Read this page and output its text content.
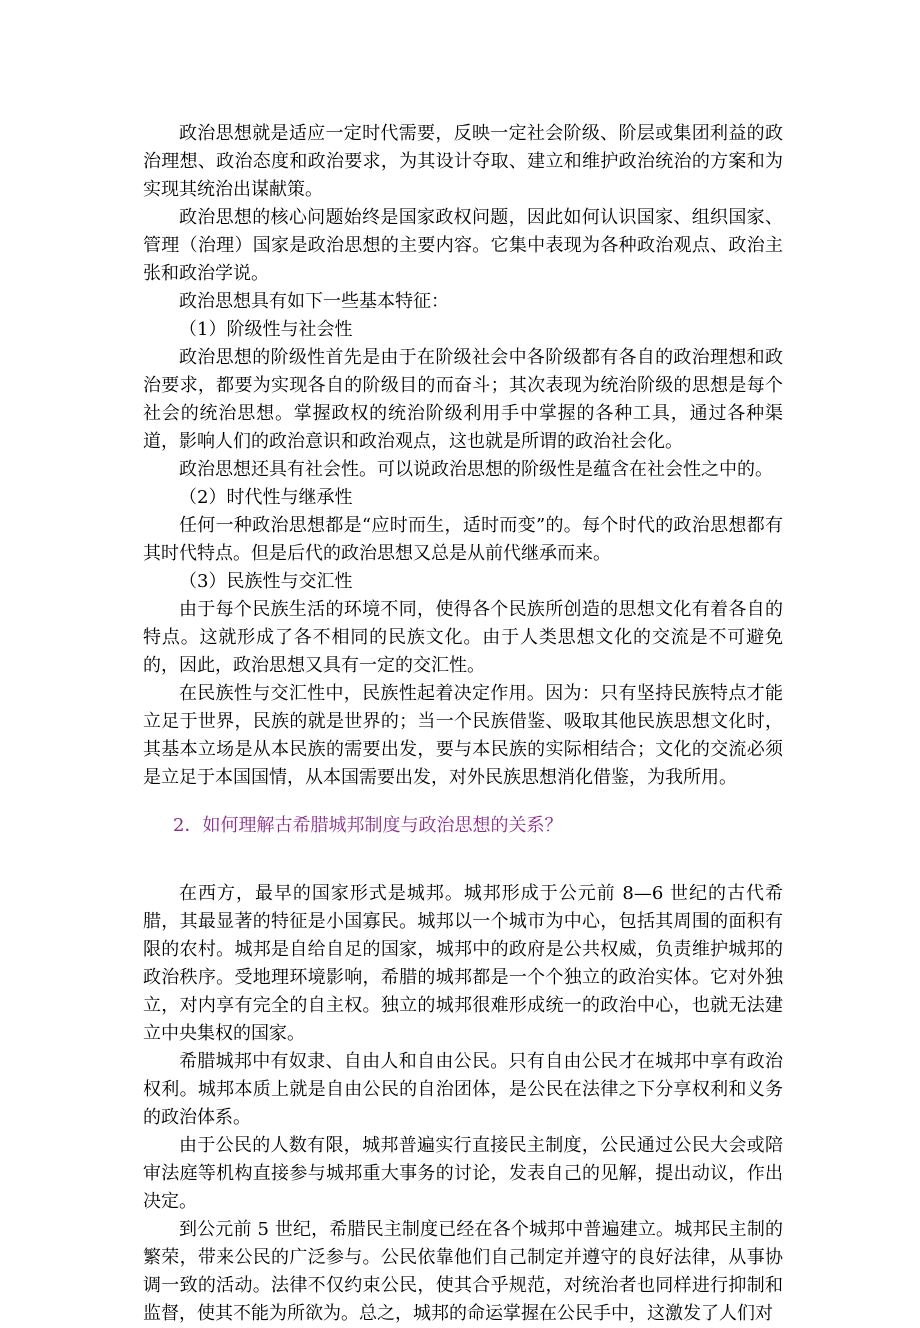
政治思想就是适应一定时代需要，反映一定社会阶级、阶层或集团利益的政治理想、政治态度和政治要求，为其设计夺取、建立和维护政治统治的方案和为实现其统治出谋献策。

政治思想的核心问题始终是国家政权问题，因此如何认识国家、组织国家、管理（治理）国家是政治思想的主要内容。它集中表现为各种政治观点、政治主张和政治学说。

政治思想具有如下一些基本特征：

（1）阶级性与社会性

政治思想的阶级性首先是由于在阶级社会中各阶级都有各自的政治理想和政治要求，都要为实现各自的阶级目的而奋斗；其次表现为统治阶级的思想是每个社会的统治思想。掌握政权的统治阶级利用手中掌握的各种工具，通过各种渠道，影响人们的政治意识和政治观点，这也就是所谓的政治社会化。

政治思想还具有社会性。可以说政治思想的阶级性是蕴含在社会性之中的。

（2）时代性与继承性

任何一种政治思想都是“应时而生，适时而变”的。每个时代的政治思想都有其时代特点。但是后代的政治思想又总是从前代继承而来。

（3）民族性与交汇性

由于每个民族生活的环境不同，使得各个民族所创造的思想文化有着各自的特点。这就形成了各不相同的民族文化。由于人类思想文化的交流是不可避免的，因此，政治思想又具有一定的交汇性。

在民族性与交汇性中，民族性起着决定作用。因为：只有坚持民族特点才能立足于世界，民族的就是世界的；当一个民族借鉴、吸取其他民族思想文化时，其基本立场是从本民族的需要出发，要与本民族的实际相结合；文化的交流必须是立足于本国国情，从本国需要出发，对外民族思想消化借鉴，为我所用。

2．如何理解古希腊城邦制度与政治思想的关系？

在西方，最早的国家形式是城邦。城邦形成于公元前 8—6 世纪的古代希腊，其最显著的特征是小国寡民。城邦以一个城市为中心，包括其周围的面积有限的农村。城邦是自给自足的国家，城邦中的政府是公共权威，负责维护城邦的政治秩序。受地理环境影响，希腊的城邦都是一个个独立的政治实体。它对外独立，对内享有完全的自主权。独立的城邦很难形成统一的政治中心，也就无法建立中央集权的国家。

希腊城邦中有奴隶、自由人和自由公民。只有自由公民才在城邦中享有政治权利。城邦本质上就是自由公民的自治团体，是公民在法律之下分享权利和义务的政治体系。

由于公民的人数有限，城邦普遍实行直接民主制度，公民通过公民大会或陪审法庭等机构直接参与城邦重大事务的讨论，发表自己的见解，提出动议，作出决定。

到公元前 5 世纪，希腊民主制度已经在各个城邦中普遍建立。城邦民主制的繁荣，带来公民的广泛参与。公民依靠他们自己制定并遵守的良好法律，从事协调一致的活动。法律不仅约束公民，使其合乎规范，对统治者也同样进行抑制和监督，使其不能为所欲为。总之，城邦的命运掌握在公民手中，这激发了人们对
